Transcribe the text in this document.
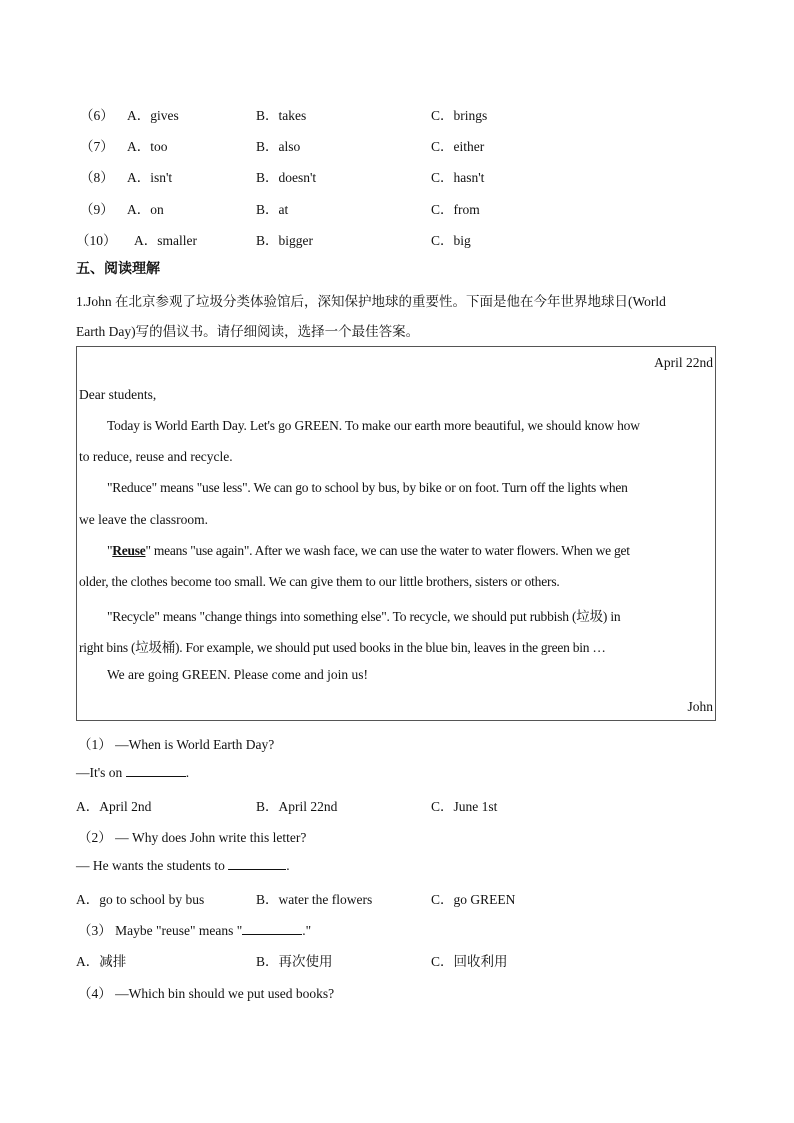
（6） A．gives	B．takes	C．brings
（7） A．too	B．also	C．either
（8） A．isn't	B．doesn't	C．hasn't
（9） A．on	B．at	C．from
（10） A．smaller	B．bigger	C．big
五、阅读理解
1.John 在北京参观了垃圾分类体验馆后，深知保护地球的重要性。下面是他在今年世界地球日(World
Earth Day)写的倡议书。请仔细阅读，选择一个最佳答案。
April 22nd
Dear students,
Today is World Earth Day. Let's go GREEN. To make our earth more beautiful, we should know how
to reduce, reuse and recycle.
"Reduce" means "use less". We can go to school by bus, by bike or on foot. Turn off the lights when
we leave the classroom.
"Reuse" means "use again". After we wash face, we can use the water to water flowers. When we get
older, the clothes become too small. We can give them to our little brothers, sisters or others.
"Recycle" means "change things into something else". To recycle, we should put rubbish (垃圾) in
right bins (垃圾桶). For example, we should put used books in the blue bin, leaves in the green bin …
We are going GREEN. Please come and join us!
John
（1） —When is World Earth Day?
—It's on	.
A．April 2nd	B．April 22nd	C．June 1st
（2） — Why does John write this letter?
— He wants the students to	.
A．go to school by bus	B．water the flowers	C．go GREEN
（3） Maybe "reuse" means "	."
A．减排	B．再次使用	C．回收利用
（4） —Which bin should we put used books?
